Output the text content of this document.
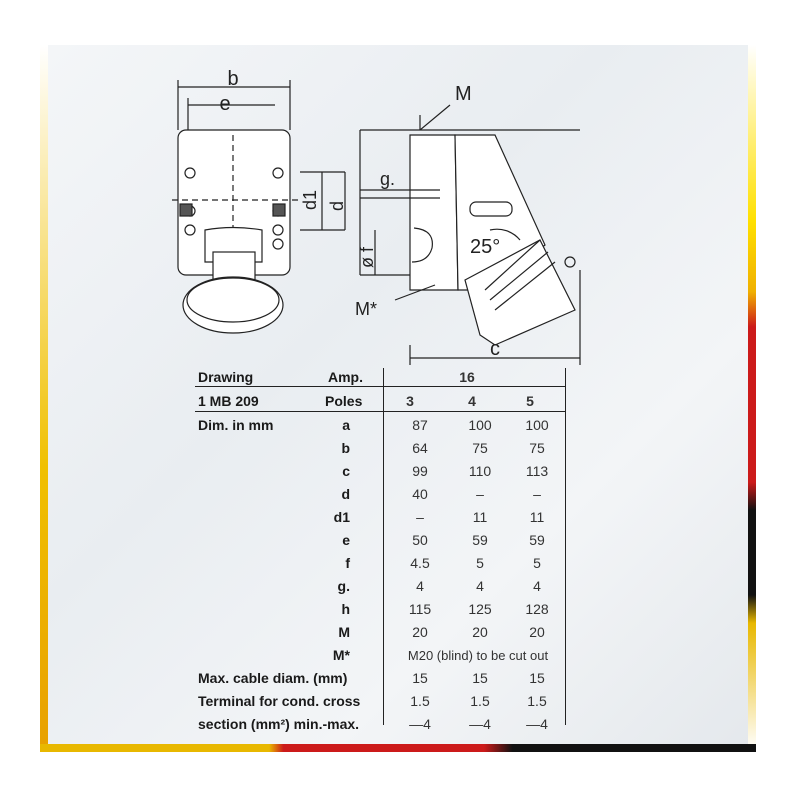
b
e
d1 d
g.
M
ø f
M*
25°
c
Drawing	Amp.	16
1 MB 209	Poles	3	4	5
Dim. in mm	a	87	100	100
b	64	75	75
c	99	110	113
d	40	–	–
d1	–	11	11
e	50	59	59
f	4.5	5	5
g.	4	4	4
h	115	125	128
M	20	20	20
M*	M20 (blind) to be cut out
Max. cable diam. (mm)	15	15	15
Terminal for cond. cross	1.5	1.5	1.5
section (mm²) min.-max.	—4	—4	—4
